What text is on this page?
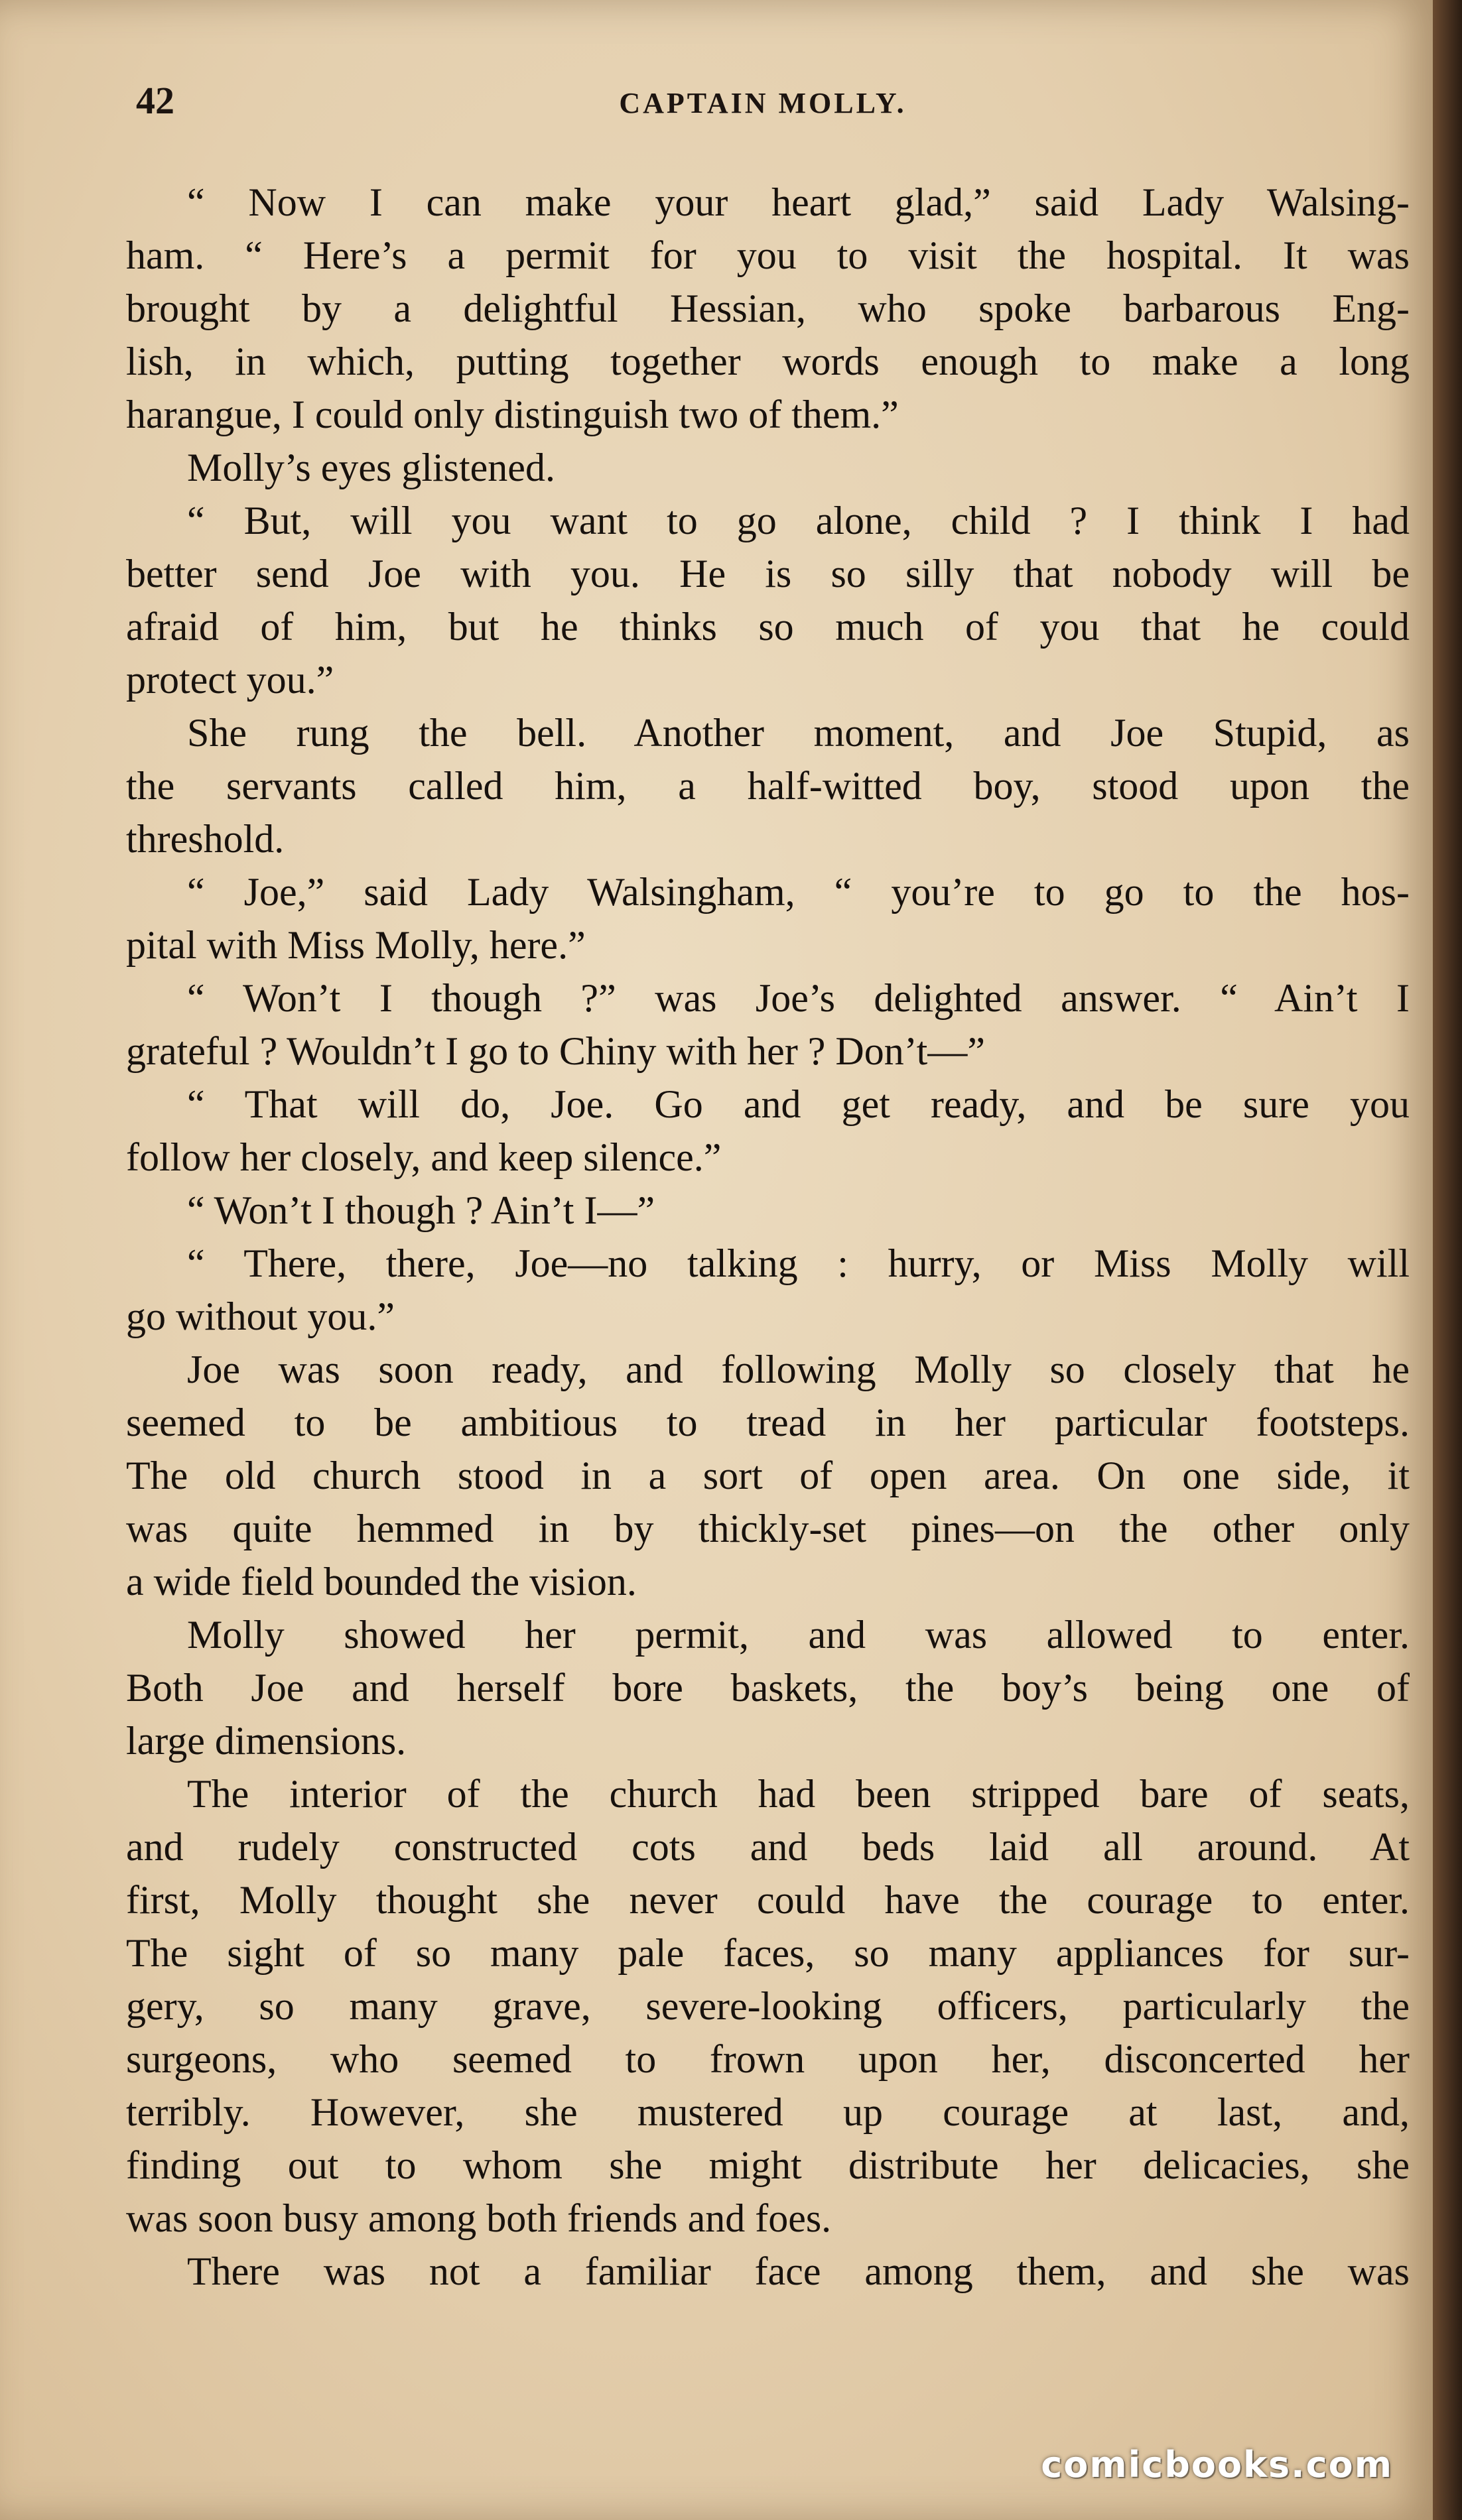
42	CAPTAIN MOLLY.
“ Now I can make your heart glad,” said Lady Walsing-
ham. “ Here’s a permit for you to visit the hospital. It was
brought by a delightful Hessian, who spoke barbarous Eng-
lish, in which, putting together words enough to make a long
harangue, I could only distinguish two of them.”
Molly’s eyes glistened.
“ But, will you want to go alone, child ? I think I had
better send Joe with you. He is so silly that nobody will be
afraid of him, but he thinks so much of you that he could
protect you.”
She rung the bell. Another moment, and Joe Stupid, as
the servants called him, a half-witted boy, stood upon the
threshold.
“ Joe,” said Lady Walsingham, “ you’re to go to the hos-
pital with Miss Molly, here.”
“ Won’t I though ?” was Joe’s delighted answer. “ Ain’t I
grateful ? Wouldn’t I go to Chiny with her ? Don’t—”
“ That will do, Joe. Go and get ready, and be sure you
follow her closely, and keep silence.”
“ Won’t I though ? Ain’t I—”
“ There, there, Joe—no talking : hurry, or Miss Molly will
go without you.”
Joe was soon ready, and following Molly so closely that he
seemed to be ambitious to tread in her particular footsteps.
The old church stood in a sort of open area. On one side, it
was quite hemmed in by thickly-set pines—on the other only
a wide field bounded the vision.
Molly showed her permit, and was allowed to enter.
Both Joe and herself bore baskets, the boy’s being one of
large dimensions.
The interior of the church had been stripped bare of seats,
and rudely constructed cots and beds laid all around. At
first, Molly thought she never could have the courage to enter.
The sight of so many pale faces, so many appliances for sur-
gery, so many grave, severe-looking officers, particularly the
surgeons, who seemed to frown upon her, disconcerted her
terribly. However, she mustered up courage at last, and,
finding out to whom she might distribute her delicacies, she
was soon busy among both friends and foes.
There was not a familiar face among them, and she was
comicbooks.com
